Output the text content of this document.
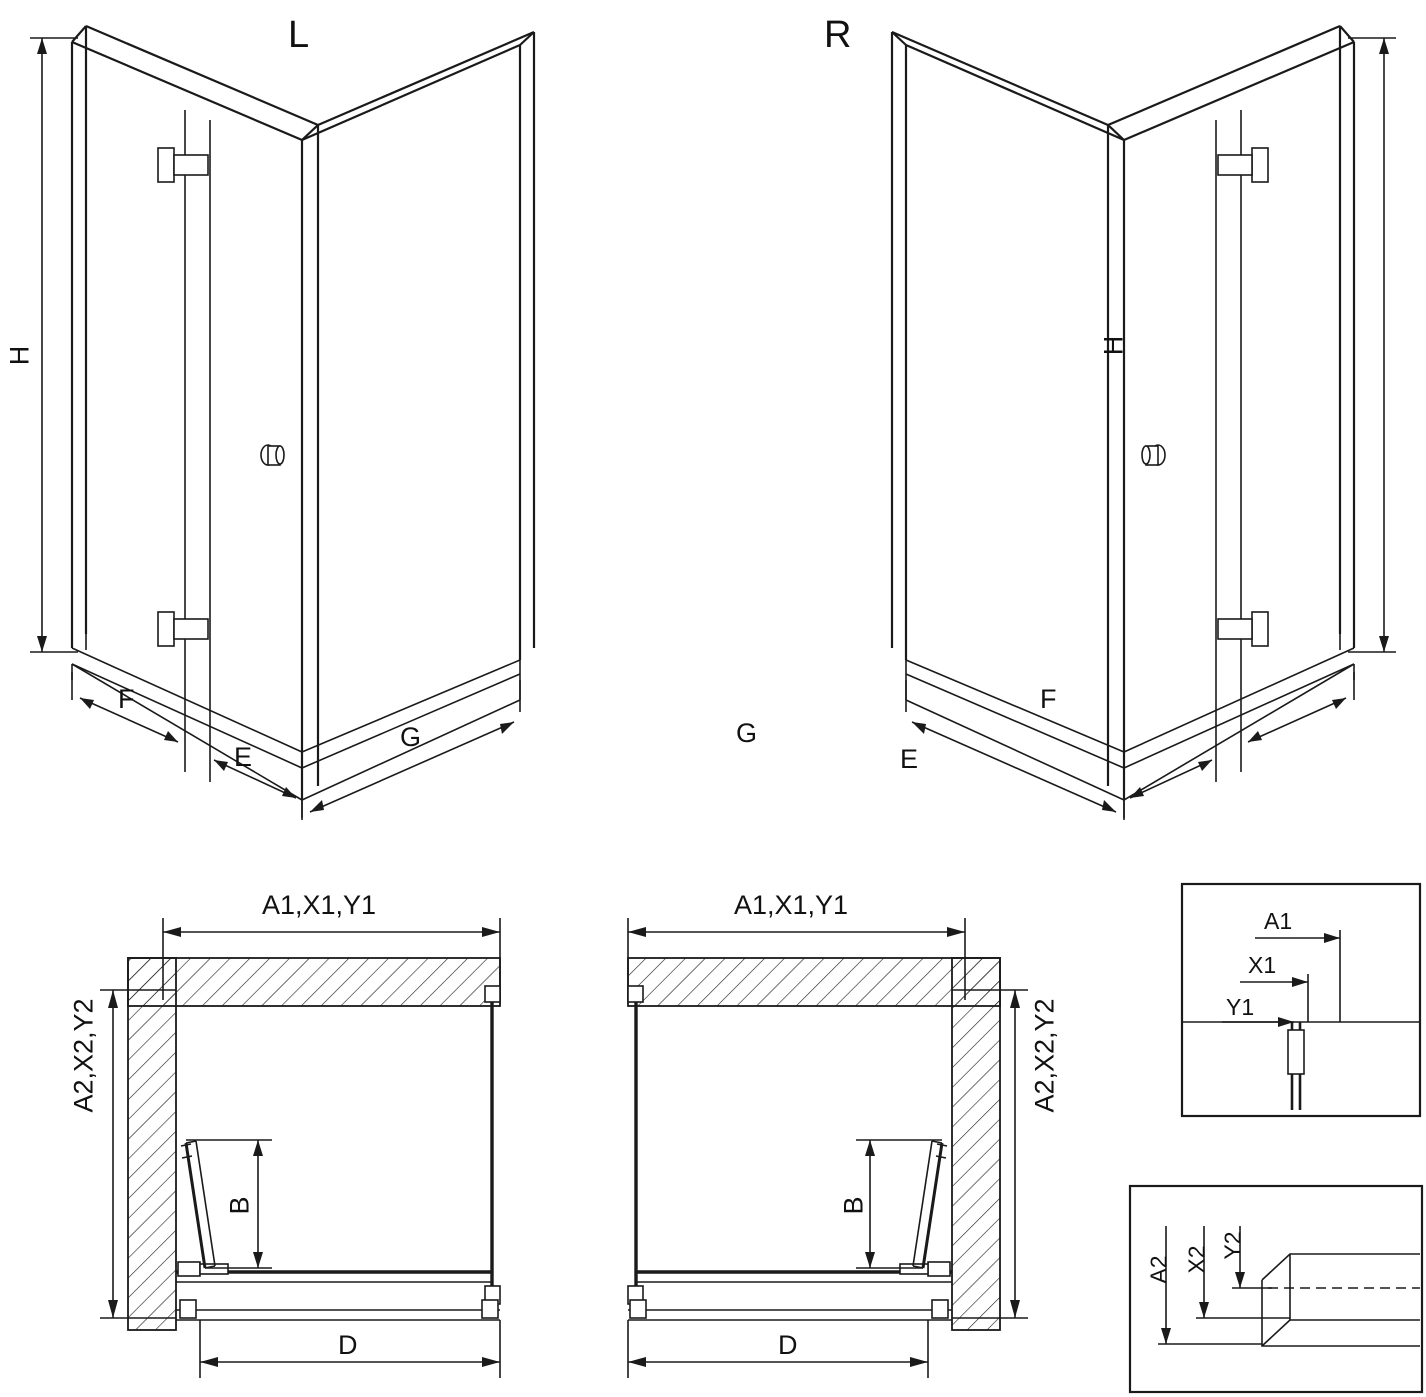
L	R
H
H
F
E
G	G
E
F
A1,X1,Y1
A2,X2,Y2
B
D
A1,X1,Y1
A2,X2,Y2
B
D
A1
X1
Y1
A2 X2 Y2
